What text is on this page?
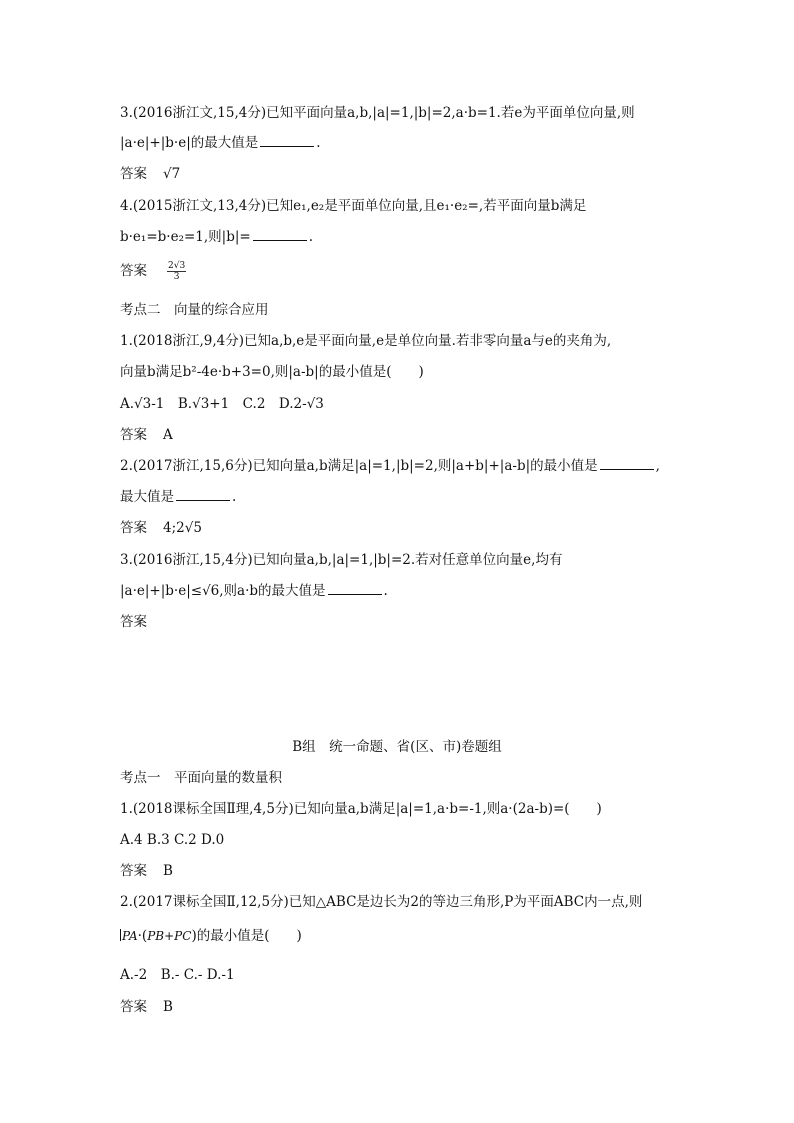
3.(2016浙江文,15,4分)已知平面向量a,b,|a|=1,|b|=2,a·b=1.若e为平面单位向量,则
|a·e|+|b·e|的最大值是	.
答案 √7
4.(2015浙江文,13,4分)已知e₁,e₂是平面单位向量,且e₁·e₂=,若平面向量b满足
b·e₁=b·e₂=1,则|b|=	.
答案 $\frac{2√3}{3}$
考点二　向量的综合应用
1.(2018浙江,9,4分)已知a,b,e是平面向量,e是单位向量.若非零向量a与e的夹角为,
向量b满足b²-4e·b+3=0,则|a-b|的最小值是(　　)
A.√3-1　B.√3+1　C.2　D.2-√3
答案 A
2.(2017浙江,15,6分)已知向量a,b满足|a|=1,|b|=2,则|a+b|+|a-b|的最小值是	,
最大值是	.
答案 4;2√5
3.(2016浙江,15,4分)已知向量a,b,|a|=1,|b|=2.若对任意单位向量e,均有
|a·e|+|b·e|≤√6,则a·b的最大值是	.
答案
B组　统一命题、省(区、市)卷题组
考点一　平面向量的数量积
1.(2018课标全国Ⅱ理,4,5分)已知向量a,b满足|a|=1,a·b=-1,则a·(2a-b)=(　　)
A.4 B.3 C.2 D.0
答案 B
2.(2017课标全国Ⅱ,12,5分)已知△ABC是边长为2的等边三角形,P为平面ABC内一点,则
PA·(PB+PC)的最小值是(　　)
A.-2　B.- C.- D.-1
答案 B
